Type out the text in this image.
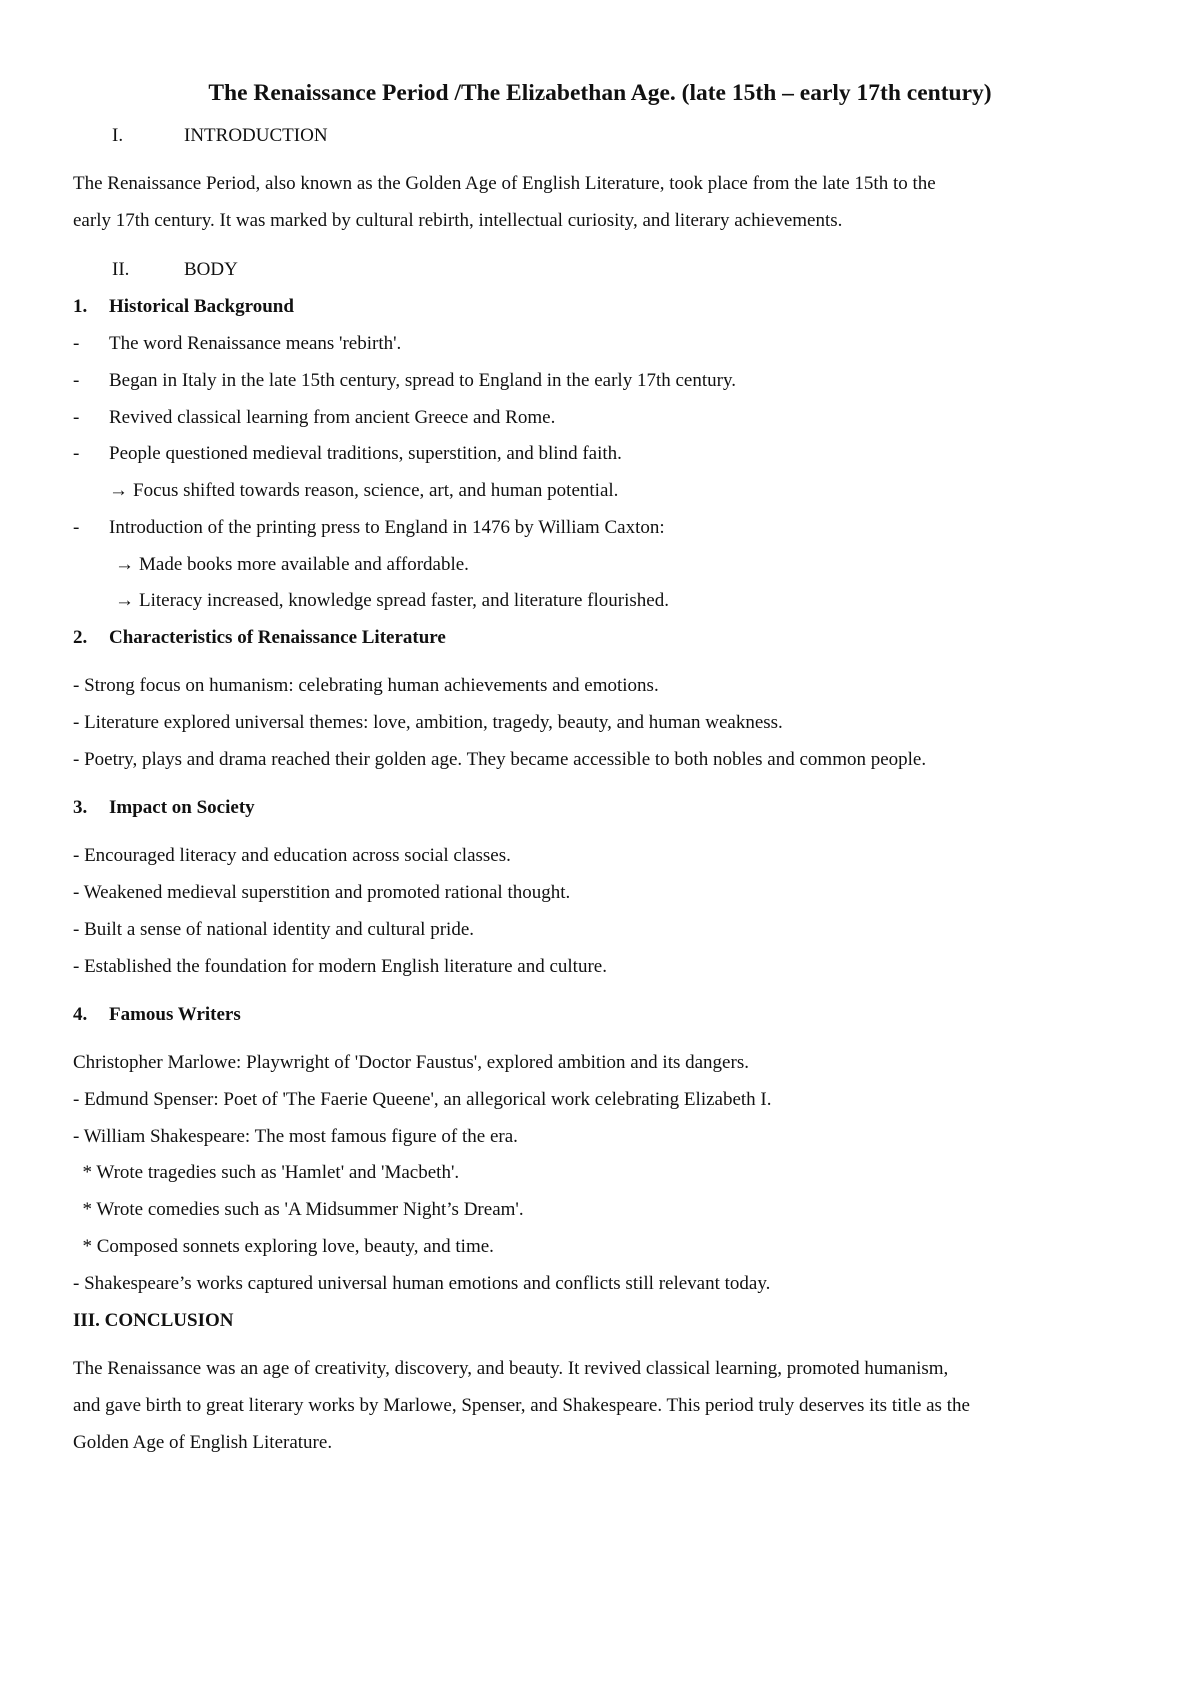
The Renaissance Period /The Elizabethan Age. (late 15th – early 17th century)

I.	INTRODUCTION

The Renaissance Period, also known as the Golden Age of English Literature, took place from the late 15th to the

early 17th century. It was marked by cultural rebirth, intellectual curiosity, and literary achievements.

II.	BODY

1. Historical Background

- The word Renaissance means 'rebirth'.

- Began in Italy in the late 15th century, spread to England in the early 17th century.

- Revived classical learning from ancient Greece and Rome.

- People questioned medieval traditions, superstition, and blind faith.

→ Focus shifted towards reason, science, art, and human potential.

- Introduction of the printing press to England in 1476 by William Caxton:

→ Made books more available and affordable.

→ Literacy increased, knowledge spread faster, and literature flourished.

2. Characteristics of Renaissance Literature

- Strong focus on humanism: celebrating human achievements and emotions.

- Literature explored universal themes: love, ambition, tragedy, beauty, and human weakness.

- Poetry, plays and drama reached their golden age. They became accessible to both nobles and common people.

3. Impact on Society

- Encouraged literacy and education across social classes.

- Weakened medieval superstition and promoted rational thought.

- Built a sense of national identity and cultural pride.

- Established the foundation for modern English literature and culture.

4. Famous Writers

Christopher Marlowe: Playwright of 'Doctor Faustus', explored ambition and its dangers.

- Edmund Spenser: Poet of 'The Faerie Queene', an allegorical work celebrating Elizabeth I.

- William Shakespeare: The most famous figure of the era.

* Wrote tragedies such as 'Hamlet' and 'Macbeth'.

* Wrote comedies such as 'A Midsummer Night’s Dream'.

* Composed sonnets exploring love, beauty, and time.

- Shakespeare’s works captured universal human emotions and conflicts still relevant today.

III. CONCLUSION

The Renaissance was an age of creativity, discovery, and beauty. It revived classical learning, promoted humanism,

and gave birth to great literary works by Marlowe, Spenser, and Shakespeare. This period truly deserves its title as the

Golden Age of English Literature.
